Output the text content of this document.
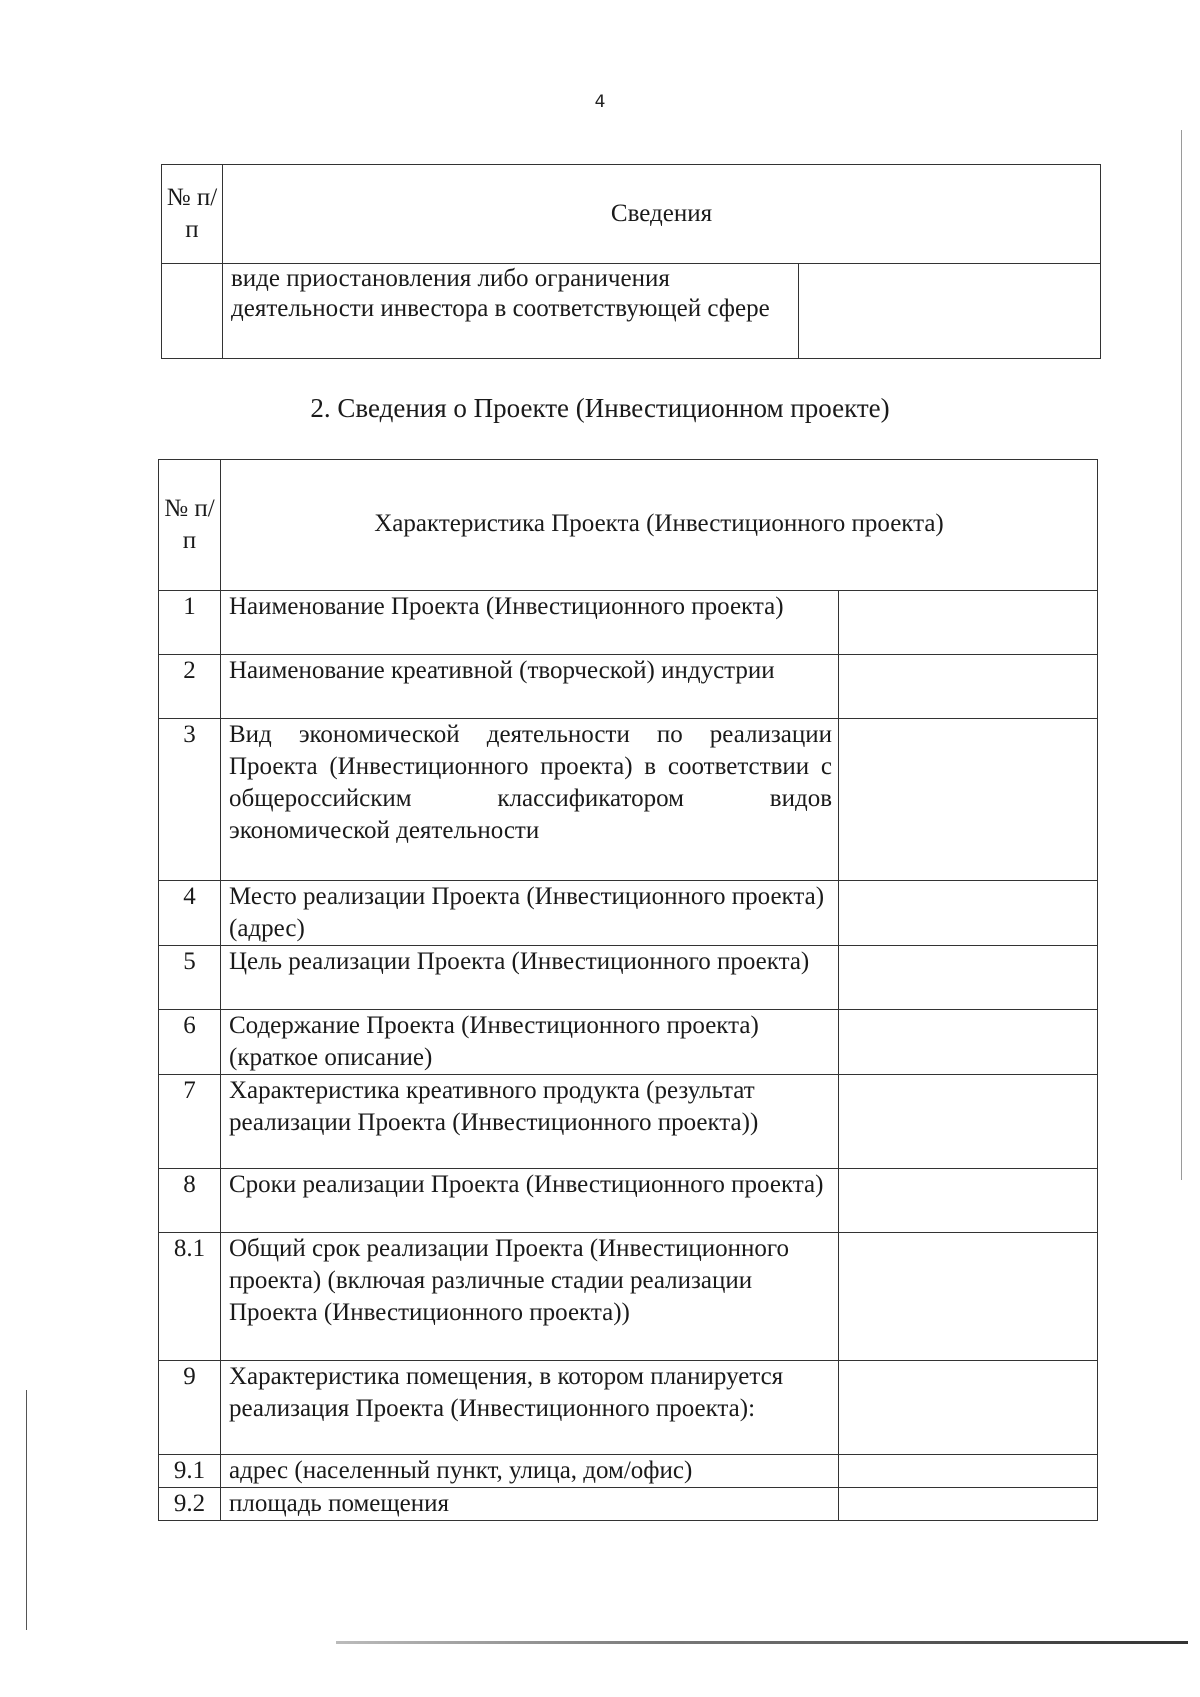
4
№ п/п	Сведения	
	виде приостановления либо ограничения деятельности инвестора в соответствующей сфере	
2. Сведения о Проекте (Инвестиционном проекте)
№ п/п	Характеристика Проекта (Инвестиционного проекта)	
1	Наименование Проекта (Инвестиционного проекта)	
2	Наименование креативной (творческой) индустрии	
3	Вид экономической деятельности по реализации Проекта (Инвестиционного проекта) в соответствии с общероссийским классификатором видов экономической деятельности	
4	Место реализации Проекта (Инвестиционного проекта) (адрес)	
5	Цель реализации Проекта (Инвестиционного проекта)	
6	Содержание Проекта (Инвестиционного проекта) (краткое описание)	
7	Характеристика креативного продукта (результат реализации Проекта (Инвестиционного проекта))	
8	Сроки реализации Проекта (Инвестиционного проекта)	
8.1	Общий срок реализации Проекта (Инвестиционного проекта) (включая различные стадии реализации Проекта (Инвестиционного проекта))	
9	Характеристика помещения, в котором планируется реализация Проекта (Инвестиционного проекта):	
9.1	адрес (населенный пункт, улица, дом/офис)	
9.2	площадь помещения	
